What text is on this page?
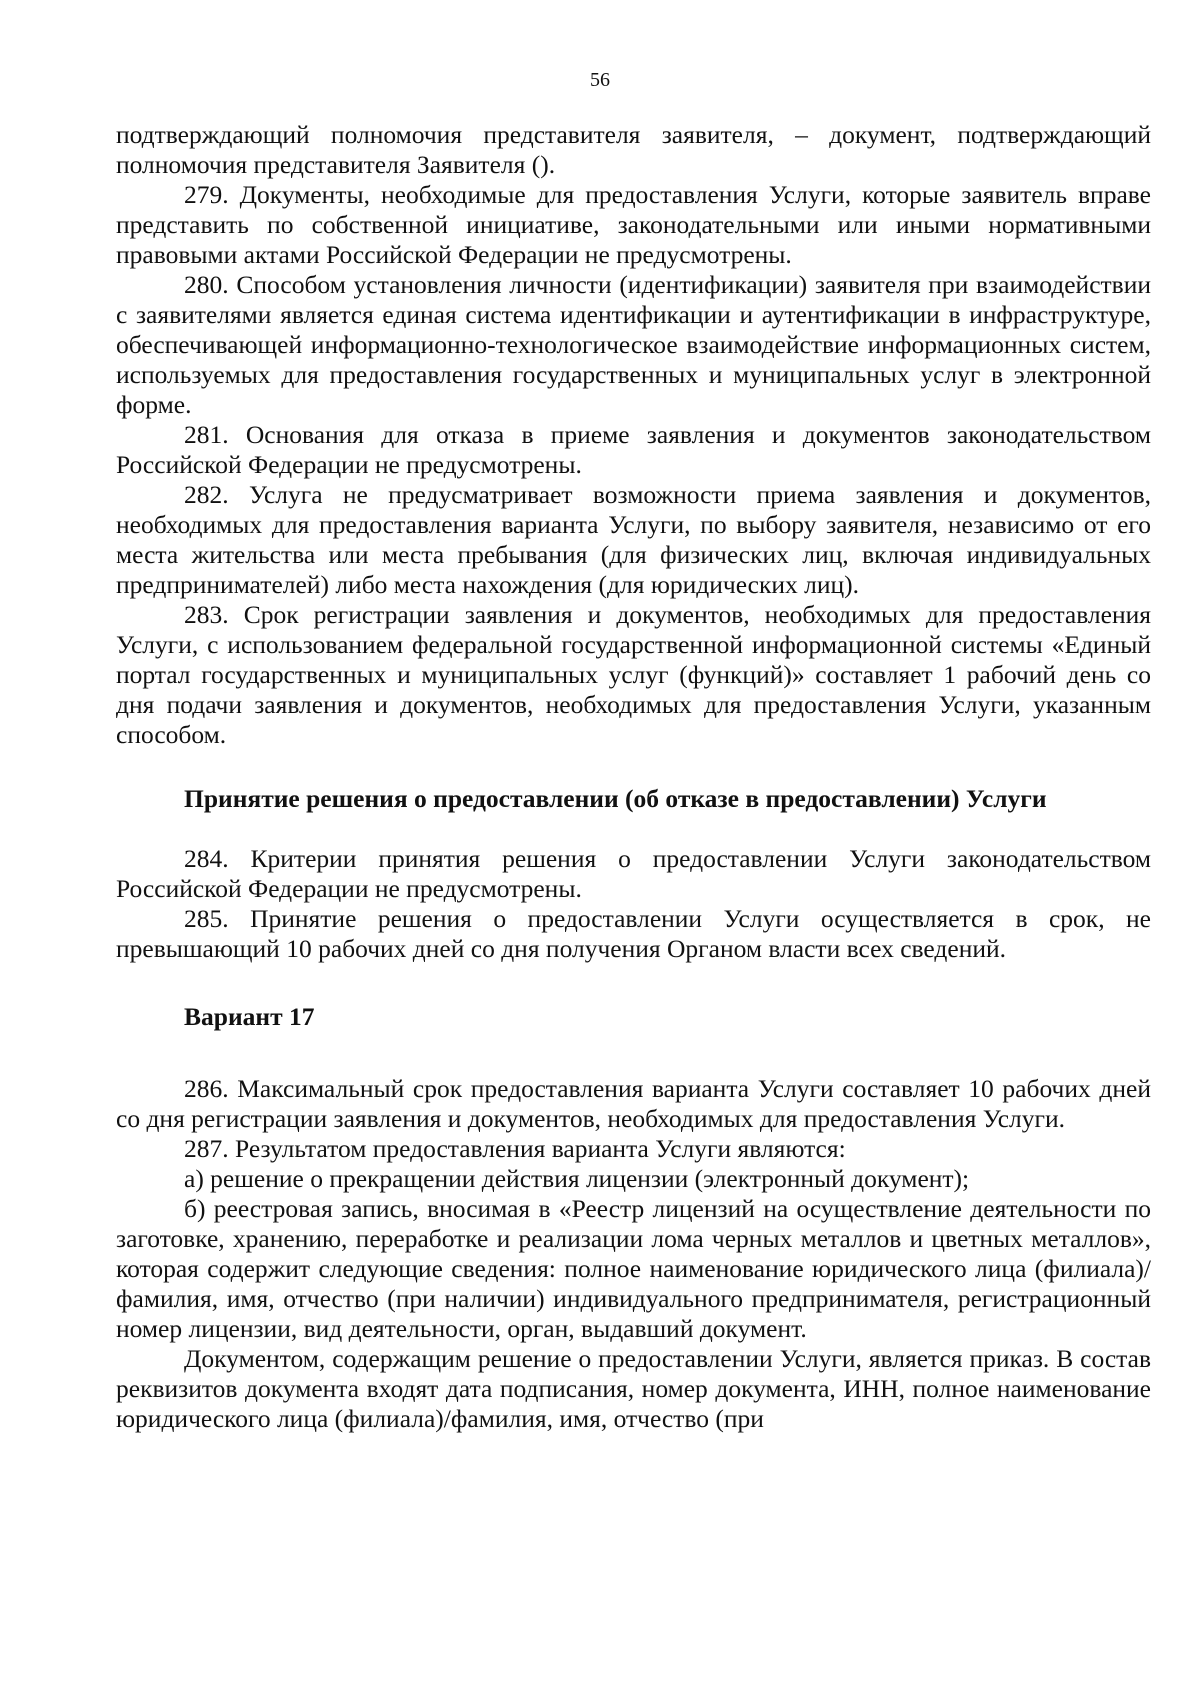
56

подтверждающий полномочия представителя заявителя, – документ, подтверждающий полномочия представителя Заявителя ().

279. Документы, необходимые для предоставления Услуги, которые заявитель вправе представить по собственной инициативе, законодательными или иными нормативными правовыми актами Российской Федерации не предусмотрены.

280. Способом установления личности (идентификации) заявителя при взаимодействии с заявителями является единая система идентификации и аутентификации в инфраструктуре, обеспечивающей информационно-технологическое взаимодействие информационных систем, используемых для предоставления государственных и муниципальных услуг в электронной форме.

281. Основания для отказа в приеме заявления и документов законодательством Российской Федерации не предусмотрены.

282. Услуга не предусматривает возможности приема заявления и документов, необходимых для предоставления варианта Услуги, по выбору заявителя, независимо от его места жительства или места пребывания (для физических лиц, включая индивидуальных предпринимателей) либо места нахождения (для юридических лиц).

283. Срок регистрации заявления и документов, необходимых для предоставления Услуги, с использованием федеральной государственной информационной системы «Единый портал государственных и муниципальных услуг (функций)» составляет 1 рабочий день со дня подачи заявления и документов, необходимых для предоставления Услуги, указанным способом.

Принятие решения о предоставлении (об отказе в предоставлении) Услуги

284. Критерии принятия решения о предоставлении Услуги законодательством Российской Федерации не предусмотрены.

285. Принятие решения о предоставлении Услуги осуществляется в срок, не превышающий 10 рабочих дней со дня получения Органом власти всех сведений.

Вариант 17

286. Максимальный срок предоставления варианта Услуги составляет 10 рабочих дней со дня регистрации заявления и документов, необходимых для предоставления Услуги.

287. Результатом предоставления варианта Услуги являются:

а) решение о прекращении действия лицензии (электронный документ);

б) реестровая запись, вносимая в «Реестр лицензий на осуществление деятельности по заготовке, хранению, переработке и реализации лома черных металлов и цветных металлов», которая содержит следующие сведения: полное наименование юридического лица (филиала)/фамилия, имя, отчество (при наличии) индивидуального предпринимателя, регистрационный номер лицензии, вид деятельности, орган, выдавший документ.

Документом, содержащим решение о предоставлении Услуги, является приказ. В состав реквизитов документа входят дата подписания, номер документа, ИНН, полное наименование юридического лица (филиала)/фамилия, имя, отчество (при
